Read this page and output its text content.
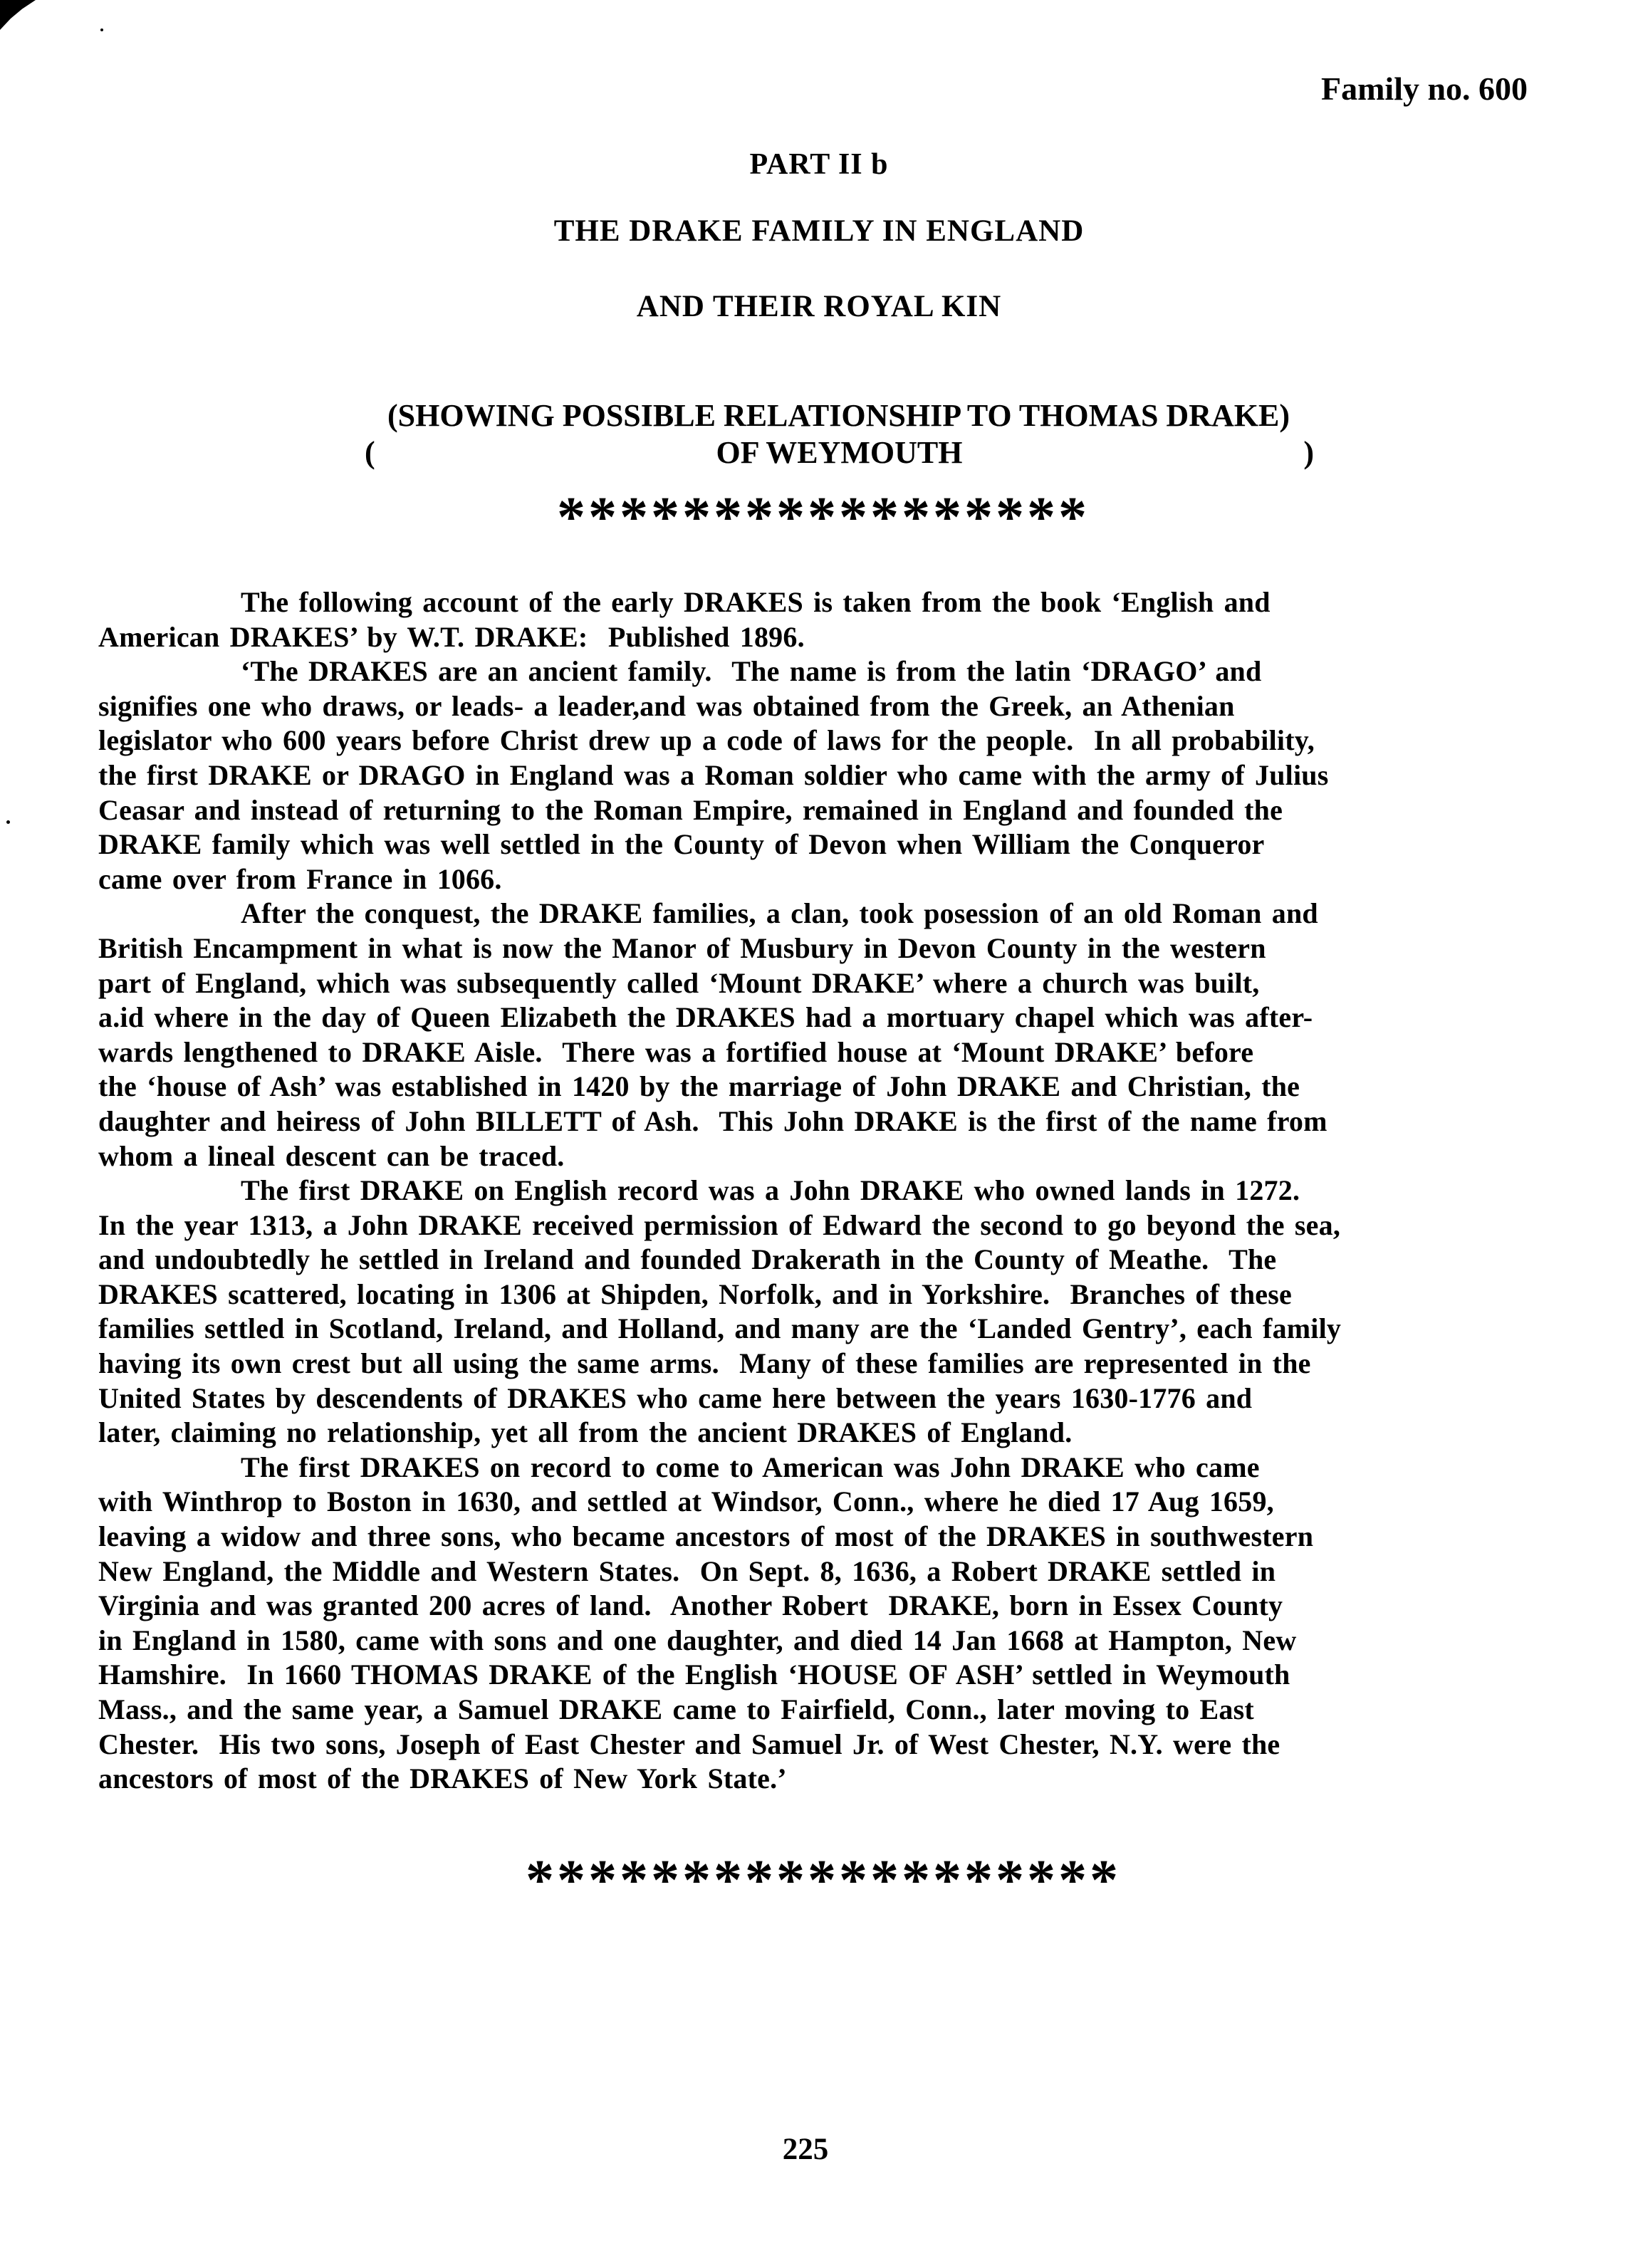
Family no. 600
PART II b
THE DRAKE FAMILY IN ENGLAND
AND THEIR ROYAL KIN
(SHOWING POSSIBLE RELATIONSHIP TO THOMAS DRAKE)
(	OF WEYMOUTH	)
* * * * * * * * * * * * * * * * *
The following account of the early DRAKES is taken from the book ‘English and
American DRAKES’ by W.T. DRAKE:  Published 1896.
‘The DRAKES are an ancient family.  The name is from the latin ‘DRAGO’ and
signifies one who draws, or leads- a leader,and was obtained from the Greek, an Athenian
legislator who 600 years before Christ drew up a code of laws for the people.  In all probability,
the first DRAKE or DRAGO in England was a Roman soldier who came with the army of Julius
Ceasar and instead of returning to the Roman Empire, remained in England and founded the
DRAKE family which was well settled in the County of Devon when William the Conqueror
came over from France in 1066.
After the conquest, the DRAKE families, a clan, took posession of an old Roman and
British Encampment in what is now the Manor of Musbury in Devon County in the western
part of England, which was subsequently called ‘Mount DRAKE’ where a church was built,
a.id where in the day of Queen Elizabeth the DRAKES had a mortuary chapel which was after-
wards lengthened to DRAKE Aisle.  There was a fortified house at ‘Mount DRAKE’ before
the ‘house of Ash’ was established in 1420 by the marriage of John DRAKE and Christian, the
daughter and heiress of John BILLETT of Ash.  This John DRAKE is the first of the name from
whom a lineal descent can be traced.
The first DRAKE on English record was a John DRAKE who owned lands in 1272.
In the year 1313, a John DRAKE received permission of Edward the second to go beyond the sea,
and undoubtedly he settled in Ireland and founded Drakerath in the County of Meathe.  The
DRAKES scattered, locating in 1306 at Shipden, Norfolk, and in Yorkshire.  Branches of these
families settled in Scotland, Ireland, and Holland, and many are the ‘Landed Gentry’, each family
having its own crest but all using the same arms.  Many of these families are represented in the
United States by descendents of DRAKES who came here between the years 1630-1776 and
later, claiming no relationship, yet all from the ancient DRAKES of England.
The first DRAKES on record to come to American was John DRAKE who came
with Winthrop to Boston in 1630, and settled at Windsor, Conn., where he died 17 Aug 1659,
leaving a widow and three sons, who became ancestors of most of the DRAKES in southwestern
New England, the Middle and Western States.  On Sept. 8, 1636, a Robert DRAKE settled in
Virginia and was granted 200 acres of land.  Another Robert  DRAKE, born in Essex County
in England in 1580, came with sons and one daughter, and died 14 Jan 1668 at Hampton, New
Hamshire.  In 1660 THOMAS DRAKE of the English ‘HOUSE OF ASH’ settled in Weymouth
Mass., and the same year, a Samuel DRAKE came to Fairfield, Conn., later moving to East
Chester.  His two sons, Joseph of East Chester and Samuel Jr. of West Chester, N.Y. were the
ancestors of most of the DRAKES of New York State.’
* * * * * * * * * * * * * * * * * * *
225
